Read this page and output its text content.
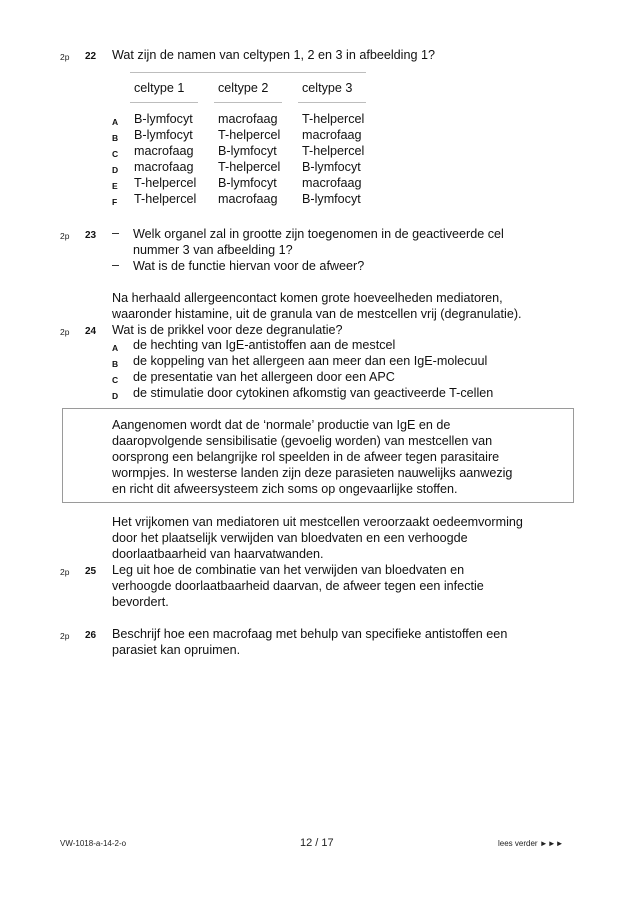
2p 22 Wat zijn de namen van celtypen 1, 2 en 3 in afbeelding 1?
celtype 1	celtype 2	celtype 3
A B-lymfocyt macrofaag T-helpercel
B B-lymfocyt T-helpercel macrofaag
C macrofaag B-lymfocyt T-helpercel
D macrofaag T-helpercel B-lymfocyt
E T-helpercel B-lymfocyt macrofaag
F T-helpercel macrofaag B-lymfocyt
2p 23 – Welk organel zal in grootte zijn toegenomen in de geactiveerde cel
nummer 3 van afbeelding 1?
– Wat is de functie hiervan voor de afweer?
Na herhaald allergeencontact komen grote hoeveelheden mediatoren,
waaronder histamine, uit de granula van de mestcellen vrij (degranulatie).
2p 24 Wat is de prikkel voor deze degranulatie?
A de hechting van IgE-antistoffen aan de mestcel
B de koppeling van het allergeen aan meer dan een IgE-molecuul
C de presentatie van het allergeen door een APC
D de stimulatie door cytokinen afkomstig van geactiveerde T-cellen
Aangenomen wordt dat de ‘normale’ productie van IgE en de
daaropvolgende sensibilisatie (gevoelig worden) van mestcellen van
oorsprong een belangrijke rol speelden in de afweer tegen parasitaire
wormpjes. In westerse landen zijn deze parasieten nauwelijks aanwezig
en richt dit afweersysteem zich soms op ongevaarlijke stoffen.
Het vrijkomen van mediatoren uit mestcellen veroorzaakt oedeemvorming
door het plaatselijk verwijden van bloedvaten en een verhoogde
doorlaatbaarheid van haarvatwanden.
2p 25 Leg uit hoe de combinatie van het verwijden van bloedvaten en
verhoogde doorlaatbaarheid daarvan, de afweer tegen een infectie
bevordert.
2p 26 Beschrijf hoe een macrofaag met behulp van specifieke antistoffen een
parasiet kan opruimen.
VW-1018-a-14-2-o	12 / 17	lees verder ►►►
